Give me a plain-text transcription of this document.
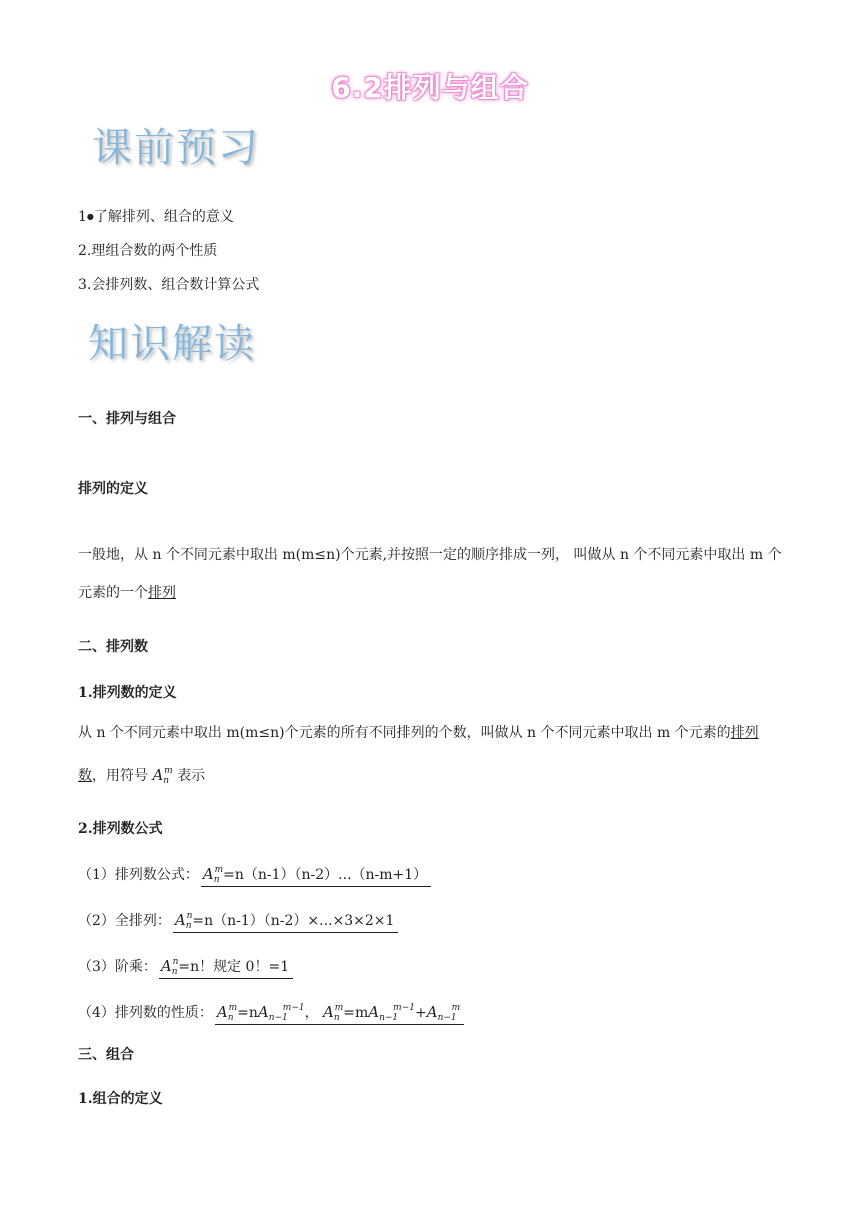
6.2排列与组合
课前预习
1●了解排列、组合的意义
2.理组合数的两个性质
3.会排列数、组合数计算公式
知识解读
一、排列与组合
排列的定义
一般地，从 n 个不同元素中取出 m(m≤n)个元素,并按照一定的顺序排成一列， 叫做从 n 个不同元素中取出 m 个元素的一个排列
二、排列数
1.排列数的定义
从 n 个不同元素中取出 m(m≤n)个元素的所有不同排列的个数，叫做从 n 个不同元素中取出 m 个元素的排列数，用符号 $A_n^m$ 表示
2.排列数公式
（1）排列数公式： $A_n^m=n(n-1)(n-2)...(n-m+1)$
（2）全排列： $A_n^n=n(n-1)(n-2)\times...\times 3\times 2\times 1$
（3）阶乘： $A_n^n=n$！规定 0！=1
（4）排列数的性质： $A_n^m=nA_{n-1}^{m-1}$， $A_n^m=mA_{n-1}^{m-1}+A_{n-1}^m$
三、组合
1.组合的定义
